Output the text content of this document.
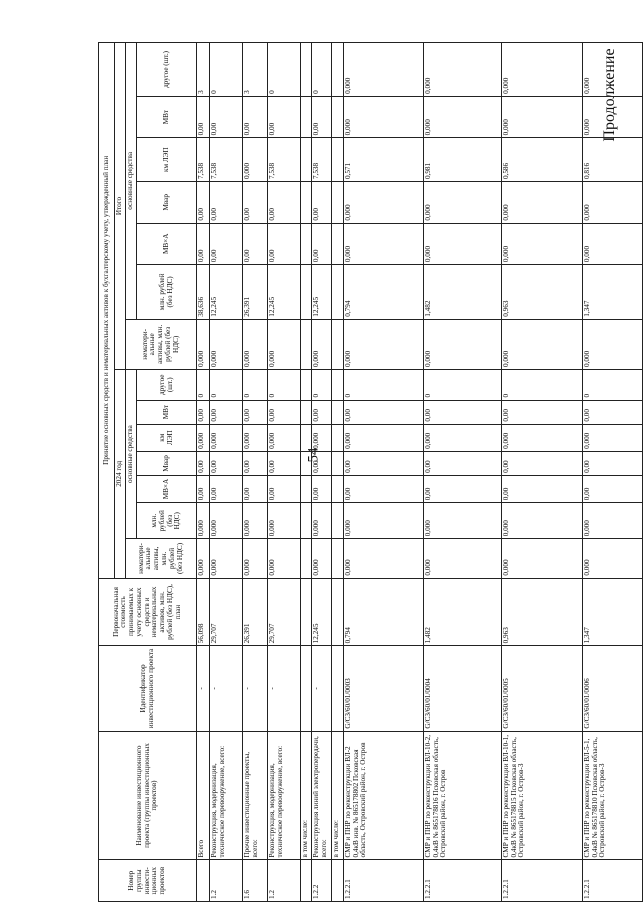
54
Продолжение
Номер группы инвести-ционных проектов	Наименование инвестиционного проекта (группы инвестиционных проектов)	Идентификатор инвестиционного проекта	Первоначальная стоимость принимаемых к учету основных средств и нематериальных активов, млн. рублей (без НДС), план	Принятие основных средств и нематериальных активов к бухгалтерскому учету, утвержденный план													
				2024 год							Итого						
				нематери-альные активы, млн. рублей (без НДС)	основные средства						нематери-альные активы, млн. рублей (без НДС)	основные средства					
					млн. рублей (без НДС)	МВ×А	Мвар	км ЛЭП	МВт	другое (шт.)		млн. рублей (без НДС)	МВ×А	Мвар	км ЛЭП	МВт	другое (шт.)
	Всего	-	56,098	0,000	0,000	0,00	0,00	0,000	0,00	0	0,000	38,636	0,00	0,00	7,538	0,00	3
1.2	Реконструкция, модернизация, техническое перевооружение, всего:	-	29,707	0,000	0,000	0,00	0,00	0,000	0,00	0	0,000	12,245	0,00	0,00	7,538	0,00	0
1.6	Прочие инвестиционные проекты, всего:	-	26,391	0,000	0,000	0,00	0,00	0,000	0,00	0	0,000	26,391	0,00	0,00	0,000	0,00	3
1.2	Реконструкция, модернизация, техническое перевооружение, всего:	-	29,707	0,000	0,000	0,00	0,00	0,000	0,00	0	0,000	12,245	0,00	0,00	7,538	0,00	0
	в том числе:																
1.2.2	Реконструкция линий электропередачи, всего:	-	12,245	0,000	0,000	0,00	0,00	0,000	0,00	0	0,000	12,245	0,00	0,00	7,538	0,00	0
	в том числе:																
1.2.2.1	СМР и ПНР по реконструкции ВЛ-2 0,4кВ инв. № 865178802 Псковская область, Островский район, г. Остров	G/C3/60/01/0003	0,794	0,000	0,000	0,00	0,00	0,000	0,00	0	0,000	0,794	0,000	0,000	0,571	0,000	0,000
1.2.2.1	СМР и ПНР по реконструкции ВЛ-10-2, 0,4кВ № 865178816 Псковская область, Островский район, г. Остров	G/C3/60/01/0004	1,482	0,000	0,000	0,00	0,00	0,000	0,00	0	0,000	1,482	0,000	0,000	0,981	0,000	0,000
1.2.2.1	СМР и ПНР по реконструкции ВЛ-10-1, 0,4кВ № 865178815 Псковская область, Островский район, г. Остров-3	G/C3/60/01/0005	0,963	0,000	0,000	0,00	0,00	0,000	0,00	0	0,000	0,963	0,000	0,000	0,586	0,000	0,000
1.2.2.1	СМР и ПНР по реконструкции ВЛ-5-1, 0,4кВ № 865178810 Псковская область, Островский район, г. Остров-3	G/C3/60/01/0006	1,347	0,000	0,000	0,00	0,00	0,000	0,00	0	0,000	1,347	0,000	0,000	0,816	0,000	0,000
